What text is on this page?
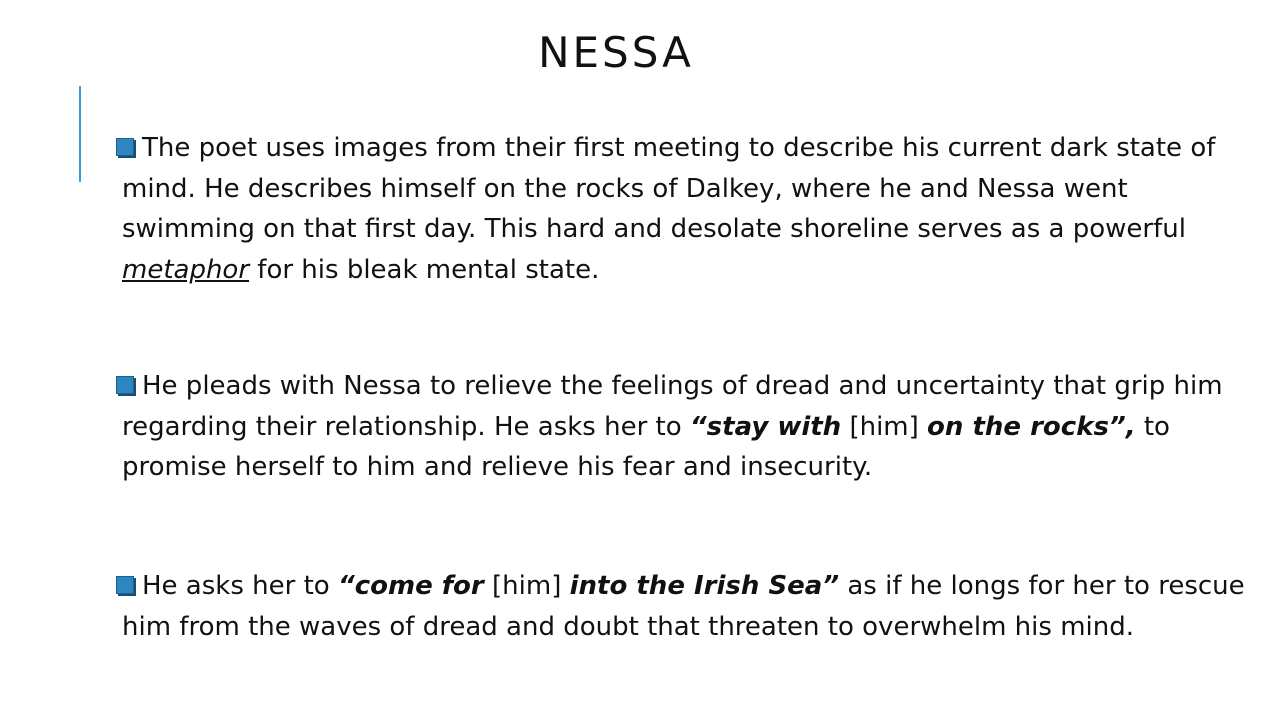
NESSA

The poet uses images from their first meeting to describe his current dark state of mind. He describes himself on the rocks of Dalkey, where he and Nessa went swimming on that first day. This hard and desolate shoreline serves as a powerful metaphor for his bleak mental state.

He pleads with Nessa to relieve the feelings of dread and uncertainty that grip him regarding their relationship. He asks her to “stay with [him] on the rocks”, to promise herself to him and relieve his fear and insecurity.

He asks her to “come for [him] into the Irish Sea” as if he longs for her to rescue him from the waves of dread and doubt that threaten to overwhelm his mind.
